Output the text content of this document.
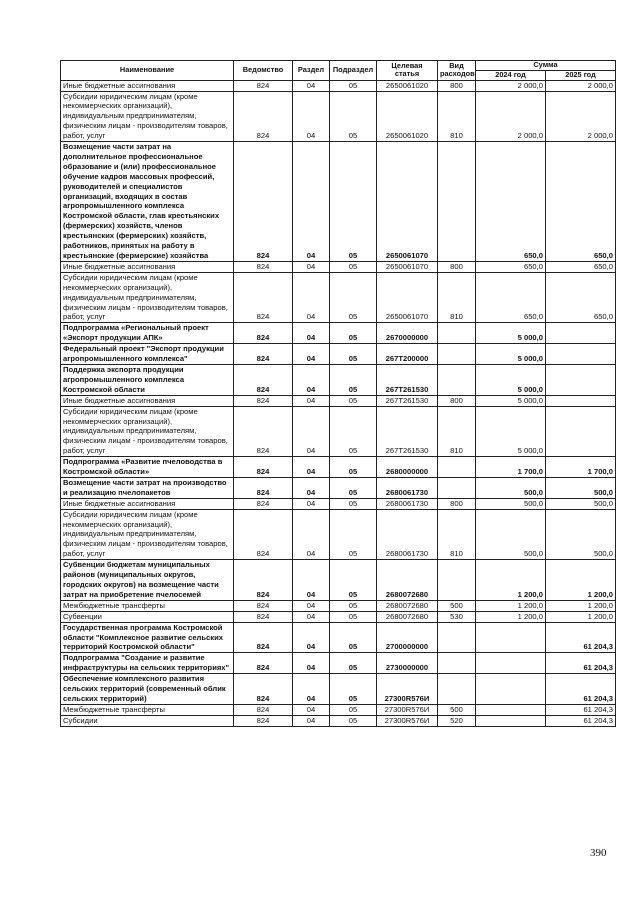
Наименование	Ведомство	Раздел	Подраздел	Целевая статья	Вид расходов	Сумма	
						2024 год	2025 год
Иные бюджетные ассигнования	824	04	05	2650061020	800	2 000,0	2 000,0
Субсидии юридическим лицам (кроме некоммерческих организаций), индивидуальным предпринимателям, физическим лицам - производителям товаров, работ, услуг	824	04	05	2650061020	810	2 000,0	2 000,0
Возмещение части затрат на дополнительное профессиональное образование и (или) профессиональное обучение кадров массовых профессий, руководителей и специалистов организаций, входящих в состав агропромышленного комплекса Костромской области, глав крестьянских (фермерских) хозяйств, членов крестьянских (фермерских) хозяйств, работников, принятых на работу в крестьянские (фермерские) хозяйства	824	04	05	2650061070		650,0	650,0
Иные бюджетные ассигнования	824	04	05	2650061070	800	650,0	650,0
Субсидии юридическим лицам (кроме некоммерческих организаций), индивидуальным предпринимателям, физическим лицам - производителям товаров, работ, услуг	824	04	05	2650061070	810	650,0	650,0
Подпрограмма «Региональный проект «Экспорт продукции АПК»	824	04	05	2670000000		5 000,0	
Федеральный проект "Экспорт продукции агропромышленного комплекса"	824	04	05	267T200000		5 000,0	
Поддержка экспорта продукции агропромышленного комплекса Костромской области	824	04	05	267T261530		5 000,0	
Иные бюджетные ассигнования	824	04	05	267T261530	800	5 000,0	
Субсидии юридическим лицам (кроме некоммерческих организаций), индивидуальным предпринимателям, физическим лицам - производителям товаров, работ, услуг	824	04	05	267T261530	810	5 000,0	
Подпрограмма «Развитие пчеловодства в Костромской области»	824	04	05	2680000000		1 700,0	1 700,0
Возмещение части затрат на производство и реализацию пчелопакетов	824	04	05	2680061730		500,0	500,0
Иные бюджетные ассигнования	824	04	05	2680061730	800	500,0	500,0
Субсидии юридическим лицам (кроме некоммерческих организаций), индивидуальным предпринимателям, физическим лицам - производителям товаров, работ, услуг	824	04	05	2680061730	810	500,0	500,0
Субвенции бюджетам муниципальных районов (муниципальных округов, городских округов) на возмещение части затрат на приобретение пчелосемей	824	04	05	2680072680		1 200,0	1 200,0
Межбюджетные трансферты	824	04	05	2680072680	500	1 200,0	1 200,0
Субвенции	824	04	05	2680072680	530	1 200,0	1 200,0
Государственная программа Костромской области "Комплексное развитие сельских территорий Костромской области"	824	04	05	2700000000			61 204,3
Подпрограмма "Создание и развитие инфраструктуры на сельских территориях"	824	04	05	2730000000			61 204,3
Обеспечение комплексного развития сельских территорий (современный облик сельских территорий)	824	04	05	27300R576И			61 204,3
Межбюджетные трансферты	824	04	05	27300R576И	500		61 204,3
Субсидии	824	04	05	27300R576И	520		61 204,3
390
